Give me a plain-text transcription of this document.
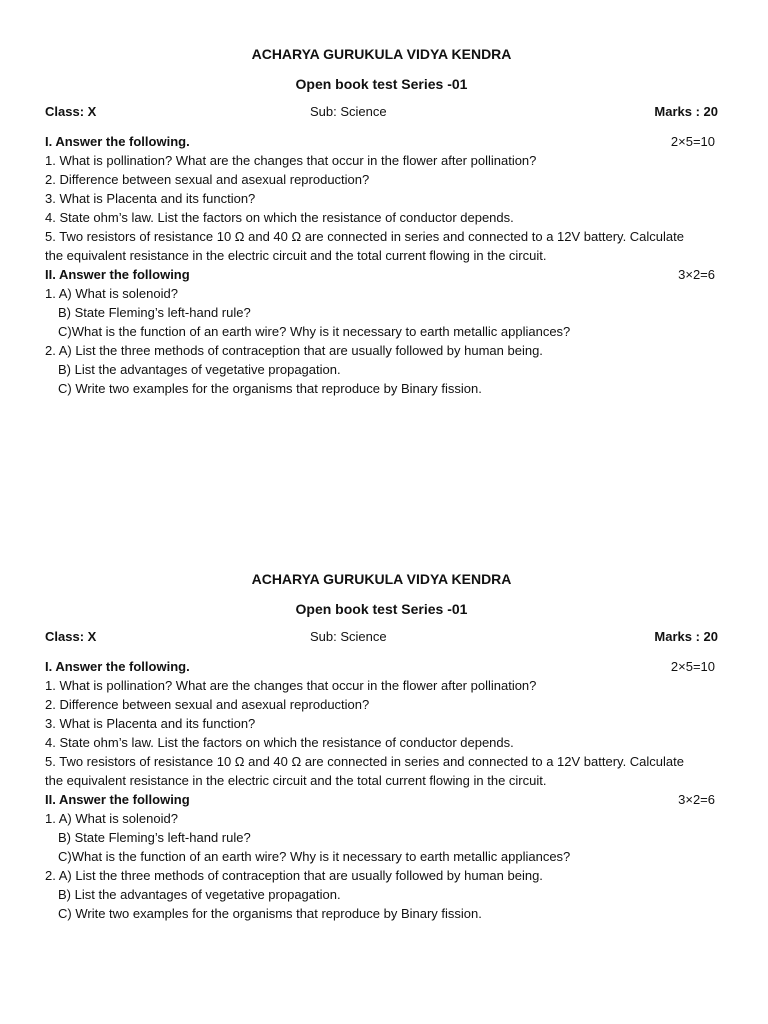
ACHARYA GURUKULA VIDYA KENDRA
Open book test Series -01
Class: X	Sub: Science	Marks : 20
I. Answer the following.	2×5=10
1. What is pollination? What are the changes that occur in the flower after pollination?
2. Difference between sexual and asexual reproduction?
3. What is Placenta and its function?
4. State ohm’s law. List the factors on which the resistance of conductor depends.
5. Two resistors of resistance 10 Ω and 40 Ω are connected in series and connected to a 12V battery. Calculate
the equivalent resistance in the electric circuit and the total current flowing in the circuit.
II. Answer the following	3×2=6
1. A) What is solenoid?
B) State Fleming’s left-hand rule?
C)What is the function of an earth wire? Why is it necessary to earth metallic appliances?
2. A) List the three methods of contraception that are usually followed by human being.
B) List the advantages of vegetative propagation.
C) Write two examples for the organisms that reproduce by Binary fission.
ACHARYA GURUKULA VIDYA KENDRA
Open book test Series -01
Class: X	Sub: Science	Marks : 20
I. Answer the following.	2×5=10
1. What is pollination? What are the changes that occur in the flower after pollination?
2. Difference between sexual and asexual reproduction?
3. What is Placenta and its function?
4. State ohm’s law. List the factors on which the resistance of conductor depends.
5. Two resistors of resistance 10 Ω and 40 Ω are connected in series and connected to a 12V battery. Calculate
the equivalent resistance in the electric circuit and the total current flowing in the circuit.
II. Answer the following	3×2=6
1. A) What is solenoid?
B) State Fleming’s left-hand rule?
C)What is the function of an earth wire? Why is it necessary to earth metallic appliances?
2. A) List the three methods of contraception that are usually followed by human being.
B) List the advantages of vegetative propagation.
C) Write two examples for the organisms that reproduce by Binary fission.
